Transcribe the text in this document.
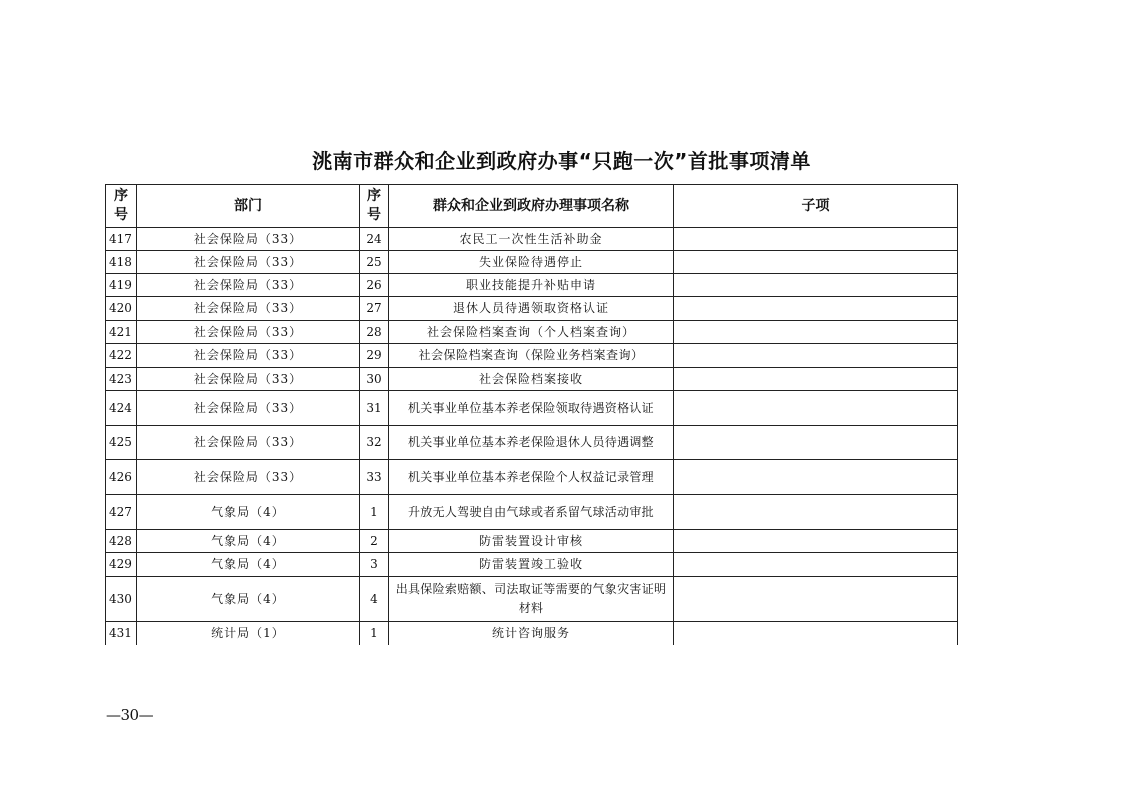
洮南市群众和企业到政府办事“只跑一次”首批事项清单
序号	部门	序号	群众和企业到政府办理事项名称	子项
417	社会保险局（33）	24	农民工一次性生活补助金	
418	社会保险局（33）	25	失业保险待遇停止	
419	社会保险局（33）	26	职业技能提升补贴申请	
420	社会保险局（33）	27	退休人员待遇领取资格认证	
421	社会保险局（33）	28	社会保险档案查询（个人档案查询）	
422	社会保险局（33）	29	社会保险档案查询（保险业务档案查询）	
423	社会保险局（33）	30	社会保险档案接收	
424	社会保险局（33）	31	机关事业单位基本养老保险领取待遇资格认证	
425	社会保险局（33）	32	机关事业单位基本养老保险退休人员待遇调整	
426	社会保险局（33）	33	机关事业单位基本养老保险个人权益记录管理	
427	气象局（4）	1	升放无人驾驶自由气球或者系留气球活动审批	
428	气象局（4）	2	防雷装置设计审核	
429	气象局（4）	3	防雷装置竣工验收	
430	气象局（4）	4	出具保险索赔额、司法取证等需要的气象灾害证明材料	
431	统计局（1）	1	统计咨询服务	
—30—
